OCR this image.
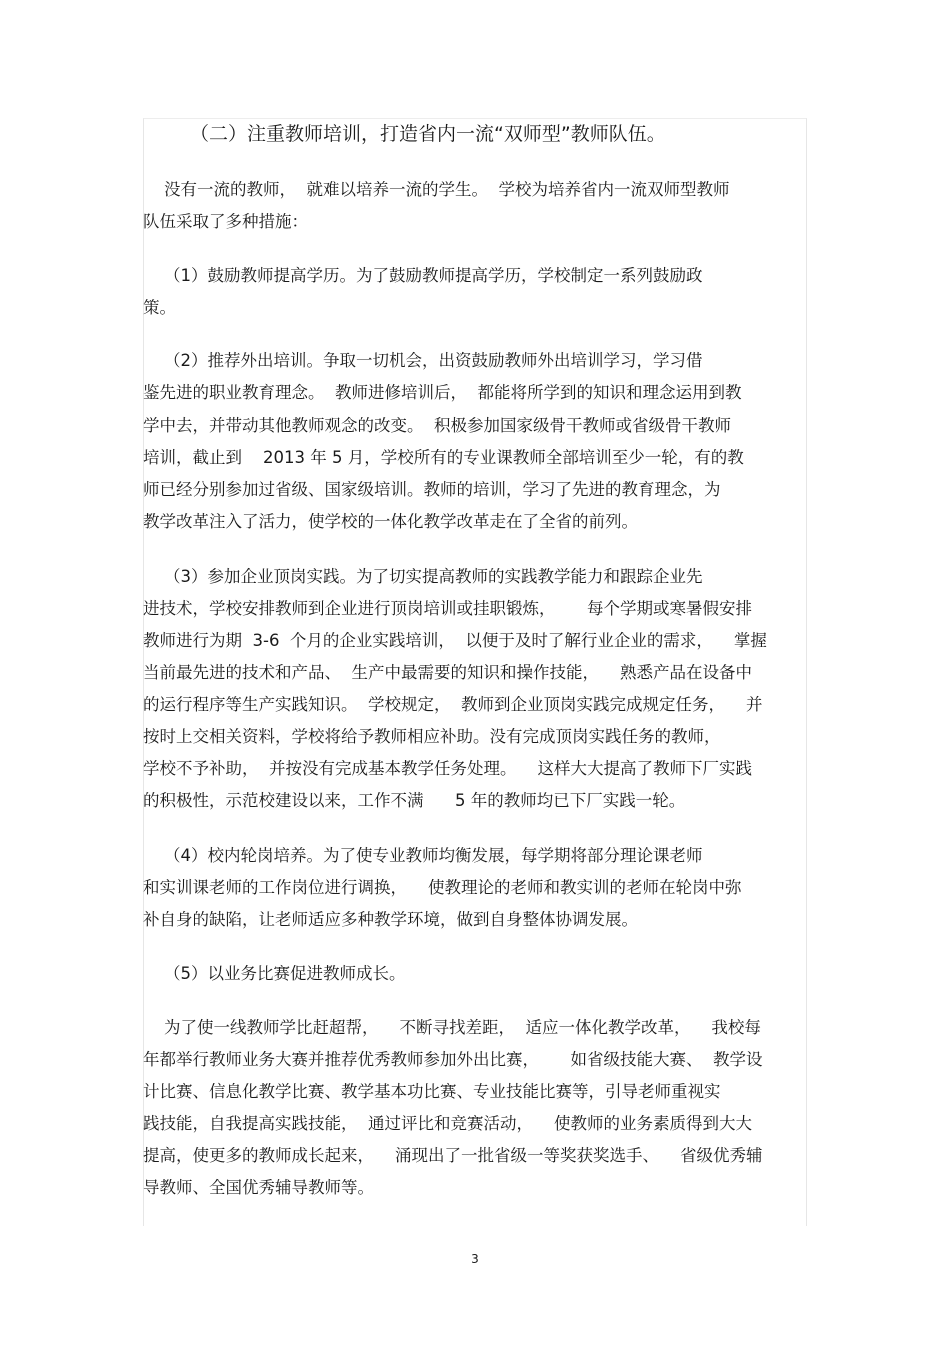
（二）注重教师培训，打造省内一流“双师型”教师队伍。
没有一流的教师，  就难以培养一流的学生。  学校为培养省内一流双师型教师
队伍采取了多种措施：
（1）鼓励教师提高学历。为了鼓励教师提高学历，学校制定一系列鼓励政
策。
（2）推荐外出培训。争取一切机会，出资鼓励教师外出培训学习，学习借
鉴先进的职业教育理念。  教师进修培训后，  都能将所学到的知识和理念运用到教
学中去，并带动其他教师观念的改变。  积极参加国家级骨干教师或省级骨干教师
培训，截止到    2013 年 5 月，学校所有的专业课教师全部培训至少一轮，有的教
师已经分别参加过省级、国家级培训。教师的培训，学习了先进的教育理念，为
教学改革注入了活力，使学校的一体化教学改革走在了全省的前列。
（3）参加企业顶岗实践。为了切实提高教师的实践教学能力和跟踪企业先
进技术，学校安排教师到企业进行顶岗培训或挂职锻炼，      每个学期或寒暑假安排
教师进行为期  3-6  个月的企业实践培训，  以便于及时了解行业企业的需求，    掌握
当前最先进的技术和产品、  生产中最需要的知识和操作技能，    熟悉产品在设备中
的运行程序等生产实践知识。  学校规定，  教师到企业顶岗实践完成规定任务，    并
按时上交相关资料，学校将给予教师相应补助。没有完成顶岗实践任务的教师，
学校不予补助，  并按没有完成基本教学任务处理。    这样大大提高了教师下厂实践
的积极性，示范校建设以来，工作不满      5 年的教师均已下厂实践一轮。
（4）校内轮岗培养。为了使专业教师均衡发展，每学期将部分理论课老师
和实训课老师的工作岗位进行调换，    使教理论的老师和教实训的老师在轮岗中弥
补自身的缺陷，让老师适应多种教学环境，做到自身整体协调发展。
（5）以业务比赛促进教师成长。
为了使一线教师学比赶超帮，    不断寻找差距，  适应一体化教学改革，    我校每
年都举行教师业务大赛并推荐优秀教师参加外出比赛，      如省级技能大赛、  教学设
计比赛、信息化教学比赛、教学基本功比赛、专业技能比赛等，引导老师重视实
践技能，自我提高实践技能，  通过评比和竞赛活动，    使教师的业务素质得到大大
提高，使更多的教师成长起来，    涌现出了一批省级一等奖获奖选手、    省级优秀辅
导教师、全国优秀辅导教师等。
3
